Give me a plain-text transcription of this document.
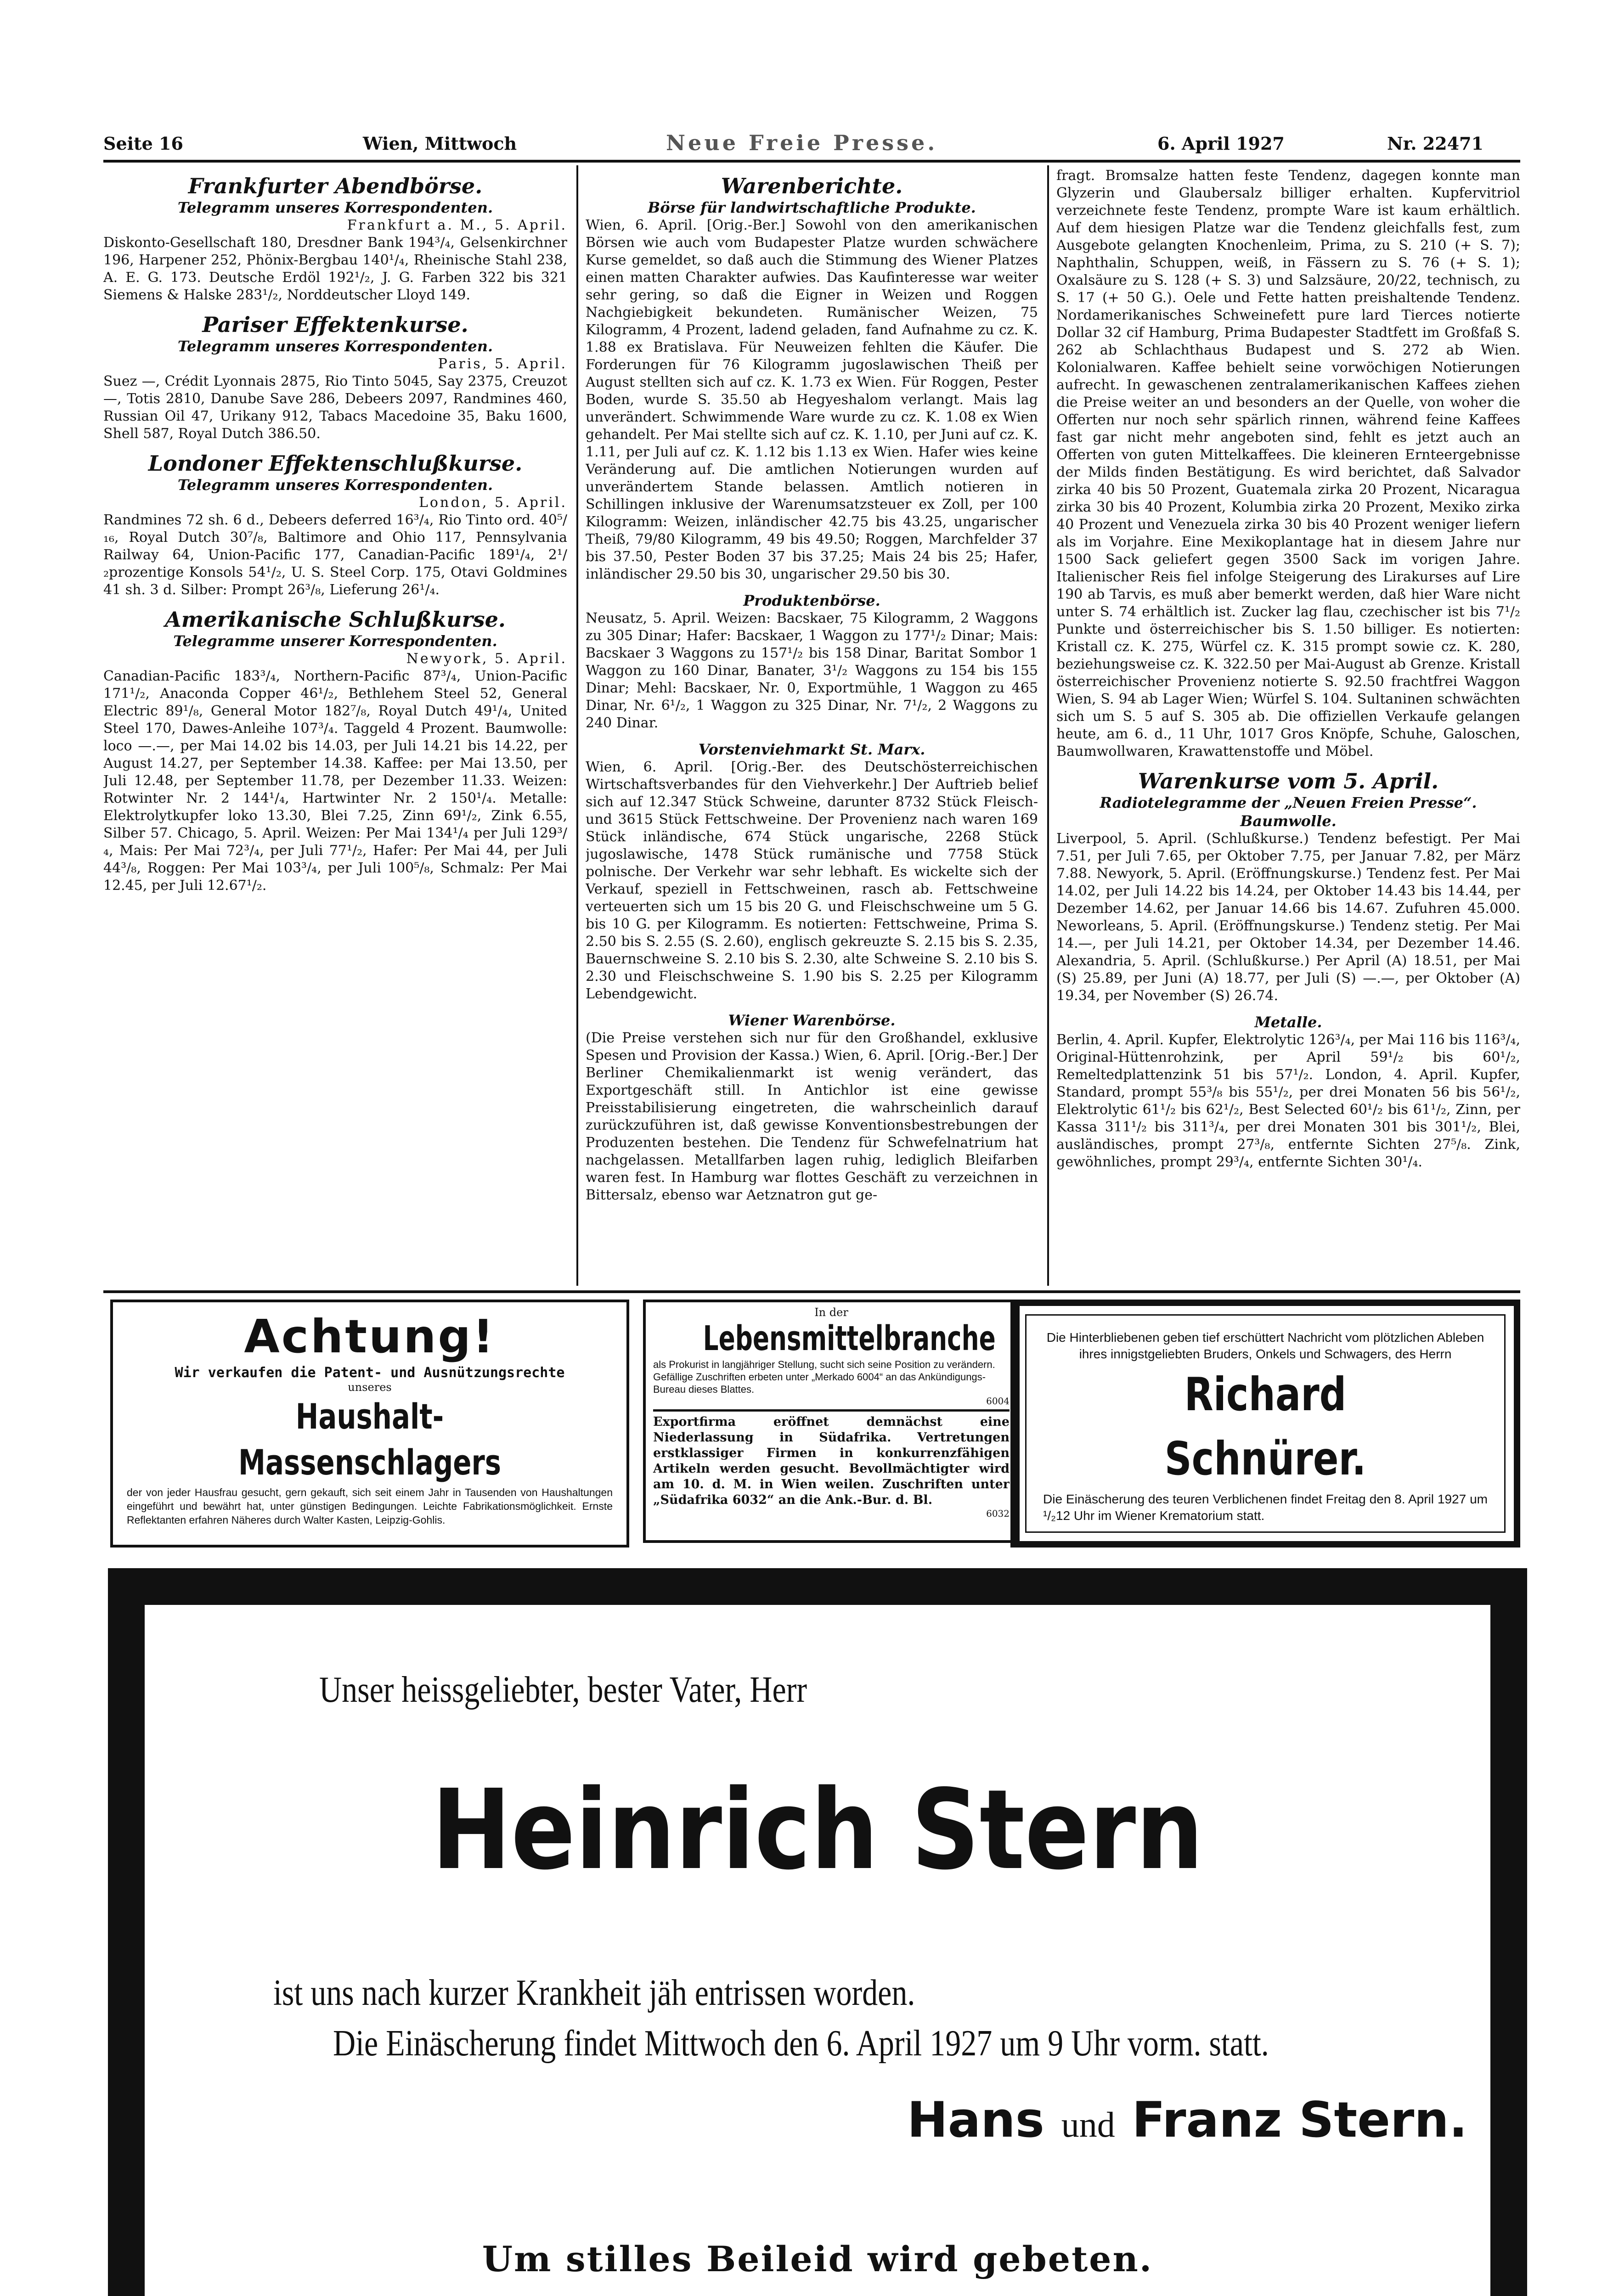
Seite 16	Wien, Mittwoch	Neue Freie Presse.	6. April 1927	Nr. 22471
Frankfurter Abendbörse.
Telegramm unseres Korrespondenten.
Frankfurt a. M., 5. April.

Diskonto-Gesellschaft 180, Dresdner Bank 194³/₄, Gelsenkirchner 196, Harpener 252, Phönix-Bergbau 140¹/₄, Rheinische Stahl 238, A. E. G. 173. Deutsche Erdöl 192¹/₂, J. G. Farben 322 bis 321 Siemens & Halske 283¹/₂, Norddeutscher Lloyd 149.

Pariser Effektenkurse.
Telegramm unseres Korrespondenten.
Paris, 5. April.

Suez —, Crédit Lyonnais 2875, Rio Tinto 5045, Say 2375, Creuzot —, Totis 2810, Danube Save 286, Debeers 2097, Randmines 460, Russian Oil 47, Urikany 912, Tabacs Macedoine 35, Baku 1600, Shell 587, Royal Dutch 386.50.

Londoner Effektenschlußkurse.
Telegramm unseres Korrespondenten.
London, 5. April.

Randmines 72 sh. 6 d., Debeers deferred 16³/₄, Rio Tinto ord. 40⁵/₁₆, Royal Dutch 30⁷/₈, Baltimore and Ohio 117, Pennsylvania Railway 64, Union-Pacific 177, Canadian-Pacific 189¹/₄, 2¹/₂prozentige Konsols 54¹/₂, U. S. Steel Corp. 175, Otavi Goldmines 41 sh. 3 d. Silber: Prompt 26³/₈, Lieferung 26¹/₄.

Amerikanische Schlußkurse.
Telegramme unserer Korrespondenten.
Newyork, 5. April.

Canadian-Pacific 183³/₄, Northern-Pacific 87³/₄, Union-Pacific 171¹/₂, Anaconda Copper 46¹/₂, Bethlehem Steel 52, General Electric 89¹/₈, General Motor 182⁷/₈, Royal Dutch 49¹/₄, United Steel 170, Dawes-Anleihe 107³/₄. Taggeld 4 Prozent. Baumwolle: loco —.—, per Mai 14.02 bis 14.03, per Juli 14.21 bis 14.22, per August 14.27, per September 14.38. Kaffee: per Mai 13.50, per Juli 12.48, per September 11.78, per Dezember 11.33. Weizen: Rotwinter Nr. 2 144¹/₄, Hartwinter Nr. 2 150¹/₄. Metalle: Elektrolytkupfer loko 13.30, Blei 7.25, Zinn 69¹/₂, Zink 6.55, Silber 57. Chicago, 5. April. Weizen: Per Mai 134¹/₄ per Juli 129³/₄, Mais: Per Mai 72³/₄, per Juli 77¹/₂, Hafer: Per Mai 44, per Juli 44³/₈, Roggen: Per Mai 103³/₄, per Juli 100⁵/₈, Schmalz: Per Mai 12.45, per Juli 12.67¹/₂.

Warenberichte.
Börse für landwirtschaftliche Produkte.

Wien, 6. April. [Orig.-Ber.] Sowohl von den amerikanischen Börsen wie auch vom Budapester Platze wurden schwächere Kurse gemeldet, so daß auch die Stimmung des Wiener Platzes einen matten Charakter aufwies. Das Kaufinteresse war weiter sehr gering, so daß die Eigner in Weizen und Roggen Nachgiebigkeit bekundeten. Rumänischer Weizen, 75 Kilogramm, 4 Prozent, ladend geladen, fand Aufnahme zu cz. K. 1.88 ex Bratislava. Für Neuweizen fehlten die Käufer. Die Forderungen für 76 Kilogramm jugoslawischen Theiß per August stellten sich auf cz. K. 1.73 ex Wien. Für Roggen, Pester Boden, wurde S. 35.50 ab Hegyeshalom verlangt. Mais lag unverändert. Schwimmende Ware wurde zu cz. K. 1.08 ex Wien gehandelt. Per Mai stellte sich auf cz. K. 1.10, per Juni auf cz. K. 1.11, per Juli auf cz. K. 1.12 bis 1.13 ex Wien. Hafer wies keine Veränderung auf. Die amtlichen Notierungen wurden auf unverändertem Stande belassen. Amtlich notieren in Schillingen inklusive der Warenumsatzsteuer ex Zoll, per 100 Kilogramm: Weizen, inländischer 42.75 bis 43.25, ungarischer Theiß, 79/80 Kilogramm, 49 bis 49.50; Roggen, Marchfelder 37 bis 37.50, Pester Boden 37 bis 37.25; Mais 24 bis 25; Hafer, inländischer 29.50 bis 30, ungarischer 29.50 bis 30.

Produktenbörse.

Neusatz, 5. April. Weizen: Bacskaer, 75 Kilogramm, 2 Waggons zu 305 Dinar; Hafer: Bacskaer, 1 Waggon zu 177¹/₂ Dinar; Mais: Bacskaer 3 Waggons zu 157¹/₂ bis 158 Dinar, Baritat Sombor 1 Waggon zu 160 Dinar, Banater, 3¹/₂ Waggons zu 154 bis 155 Dinar; Mehl: Bacskaer, Nr. 0, Exportmühle, 1 Waggon zu 465 Dinar, Nr. 6¹/₂, 1 Waggon zu 325 Dinar, Nr. 7¹/₂, 2 Waggons zu 240 Dinar.

Vorstenviehmarkt St. Marx.

Wien, 6. April. [Orig.-Ber. des Deutschösterreichischen Wirtschaftsverbandes für den Viehverkehr.] Der Auftrieb belief sich auf 12.347 Stück Schweine, darunter 8732 Stück Fleisch- und 3615 Stück Fettschweine. Der Provenienz nach waren 169 Stück inländische, 674 Stück ungarische, 2268 Stück jugoslawische, 1478 Stück rumänische und 7758 Stück polnische. Der Verkehr war sehr lebhaft. Es wickelte sich der Verkauf, speziell in Fettschweinen, rasch ab. Fettschweine verteuerten sich um 15 bis 20 G. und Fleischschweine um 5 G. bis 10 G. per Kilogramm. Es notierten: Fettschweine, Prima S. 2.50 bis S. 2.55 (S. 2.60), englisch gekreuzte S. 2.15 bis S. 2.35, Bauernschweine S. 2.10 bis S. 2.30, alte Schweine S. 2.10 bis S. 2.30 und Fleischschweine S. 1.90 bis S. 2.25 per Kilogramm Lebendgewicht.

Wiener Warenbörse.

(Die Preise verstehen sich nur für den Großhandel, exklusive Spesen und Provision der Kassa.) Wien, 6. April. [Orig.-Ber.] Der Berliner Chemikalienmarkt ist wenig verändert, das Exportgeschäft still. In Antichlor ist eine gewisse Preisstabilisierung eingetreten, die wahrscheinlich darauf zurückzuführen ist, daß gewisse Konventionsbestrebungen der Produzenten bestehen. Die Tendenz für Schwefelnatrium hat nachgelassen. Metallfarben lagen ruhig, lediglich Bleifarben waren fest. In Hamburg war flottes Geschäft zu verzeichnen in Bittersalz, ebenso war Aetznatron gut ge-

fragt. Bromsalze hatten feste Tendenz, dagegen konnte man Glyzerin und Glaubersalz billiger erhalten. Kupfervitriol verzeichnete feste Tendenz, prompte Ware ist kaum erhältlich. Auf dem hiesigen Platze war die Tendenz gleichfalls fest, zum Ausgebote gelangten Knochenleim, Prima, zu S. 210 (+ S. 7); Naphthalin, Schuppen, weiß, in Fässern zu S. 76 (+ S. 1); Oxalsäure zu S. 128 (+ S. 3) und Salzsäure, 20/22, technisch, zu S. 17 (+ 50 G.). Oele und Fette hatten preishaltende Tendenz. Nordamerikanisches Schweinefett pure lard Tierces notierte Dollar 32 cif Hamburg, Prima Budapester Stadtfett im Großfaß S. 262 ab Schlachthaus Budapest und S. 272 ab Wien. Kolonialwaren. Kaffee behielt seine vorwöchigen Notierungen aufrecht. In gewaschenen zentralamerikanischen Kaffees ziehen die Preise weiter an und besonders an der Quelle, von woher die Offerten nur noch sehr spärlich rinnen, während feine Kaffees fast gar nicht mehr angeboten sind, fehlt es jetzt auch an Offerten von guten Mittelkaffees. Die kleineren Ernteergebnisse der Milds finden Bestätigung. Es wird berichtet, daß Salvador zirka 40 bis 50 Prozent, Guatemala zirka 20 Prozent, Nicaragua zirka 30 bis 40 Prozent, Kolumbia zirka 20 Prozent, Mexiko zirka 40 Prozent und Venezuela zirka 30 bis 40 Prozent weniger liefern als im Vorjahre. Eine Mexikoplantage hat in diesem Jahre nur 1500 Sack geliefert gegen 3500 Sack im vorigen Jahre. Italienischer Reis fiel infolge Steigerung des Lirakurses auf Lire 190 ab Tarvis, es muß aber bemerkt werden, daß hier Ware nicht unter S. 74 erhältlich ist. Zucker lag flau, czechischer ist bis 7¹/₂ Punkte und österreichischer bis S. 1.50 billiger. Es notierten: Kristall cz. K. 275, Würfel cz. K. 315 prompt sowie cz. K. 280, beziehungsweise cz. K. 322.50 per Mai-August ab Grenze. Kristall österreichischer Provenienz notierte S. 92.50 frachtfrei Waggon Wien, S. 94 ab Lager Wien; Würfel S. 104. Sultaninen schwächten sich um S. 5 auf S. 305 ab. Die offiziellen Verkaufe gelangen heute, am 6. d., 11 Uhr, 1017 Gros Knöpfe, Schuhe, Galoschen, Baumwollwaren, Krawattenstoffe und Möbel.

Warenkurse vom 5. April.
Radiotelegramme der „Neuen Freien Presse“. Baumwolle.

Liverpool, 5. April. (Schlußkurse.) Tendenz befestigt. Per Mai 7.51, per Juli 7.65, per Oktober 7.75, per Januar 7.82, per März 7.88. Newyork, 5. April. (Eröffnungskurse.) Tendenz fest. Per Mai 14.02, per Juli 14.22 bis 14.24, per Oktober 14.43 bis 14.44, per Dezember 14.62, per Januar 14.66 bis 14.67. Zufuhren 45.000. Neworleans, 5. April. (Eröffnungskurse.) Tendenz stetig. Per Mai 14.—, per Juli 14.21, per Oktober 14.34, per Dezember 14.46. Alexandria, 5. April. (Schlußkurse.) Per April (A) 18.51, per Mai (S) 25.89, per Juni (A) 18.77, per Juli (S) —.—, per Oktober (A) 19.34, per November (S) 26.74.

Metalle.

Berlin, 4. April. Kupfer, Elektrolytic 126³/₄, per Mai 116 bis 116³/₄, Original-Hüttenrohzink, per April 59¹/₂ bis 60¹/₂, Remeltedplattenzink 51 bis 57¹/₂. London, 4. April. Kupfer, Standard, prompt 55³/₈ bis 55¹/₂, per drei Monaten 56 bis 56¹/₂, Elektrolytic 61¹/₂ bis 62¹/₂, Best Selected 60¹/₂ bis 61¹/₂, Zinn, per Kassa 311¹/₂ bis 311³/₄, per drei Monaten 301 bis 301¹/₂, Blei, ausländisches, prompt 27³/₈, entfernte Sichten 27⁵/₈. Zink, gewöhnliches, prompt 29³/₄, entfernte Sichten 30¹/₄.

Achtung!
Wir verkaufen die Patent- und Ausnützungsrechte
unseres
Haushalt-Massenschlagers
der von jeder Hausfrau gesucht, gern gekauft, sich seit einem Jahr in Tausenden von Haushaltungen eingeführt und bewährt hat, unter günstigen Bedingungen. Leichte Fabrikationsmöglichkeit. Ernste Reflektanten erfahren Näheres durch Walter Kasten, Leipzig-Gohlis.
In der
Lebensmittelbranche
als Prokurist in langjähriger Stellung, sucht sich seine Position zu verändern. Gefällige Zuschriften erbeten unter „Merkado 6004“ an das Ankündigungs-Bureau dieses Blattes.
6004
Exportfirma eröffnet demnächst eine Niederlassung in Südafrika. Vertretungen erstklassiger Firmen in konkurrenzfähigen Artikeln werden gesucht. Bevollmächtigter wird am 10. d. M. in Wien weilen. Zuschriften unter „Südafrika 6032“ an die Ank.-Bur. d. Bl.
6032
Die Hinterbliebenen geben tief erschüttert Nachricht vom plötzlichen Ableben ihres innigstgeliebten Bruders, Onkels und Schwagers, des Herrn
Richard Schnürer.
Die Einäscherung des teuren Verblichenen findet Freitag den 8. April 1927 um ¹/₂12 Uhr im Wiener Krematorium statt.
Unser heissgeliebter, bester Vater, Herr
Heinrich Stern
ist uns nach kurzer Krankheit jäh entrissen worden.
Die Einäscherung findet Mittwoch den 6. April 1927 um 9 Uhr vorm. statt.
Hans und Franz Stern.
Um stilles Beileid wird gebeten.
